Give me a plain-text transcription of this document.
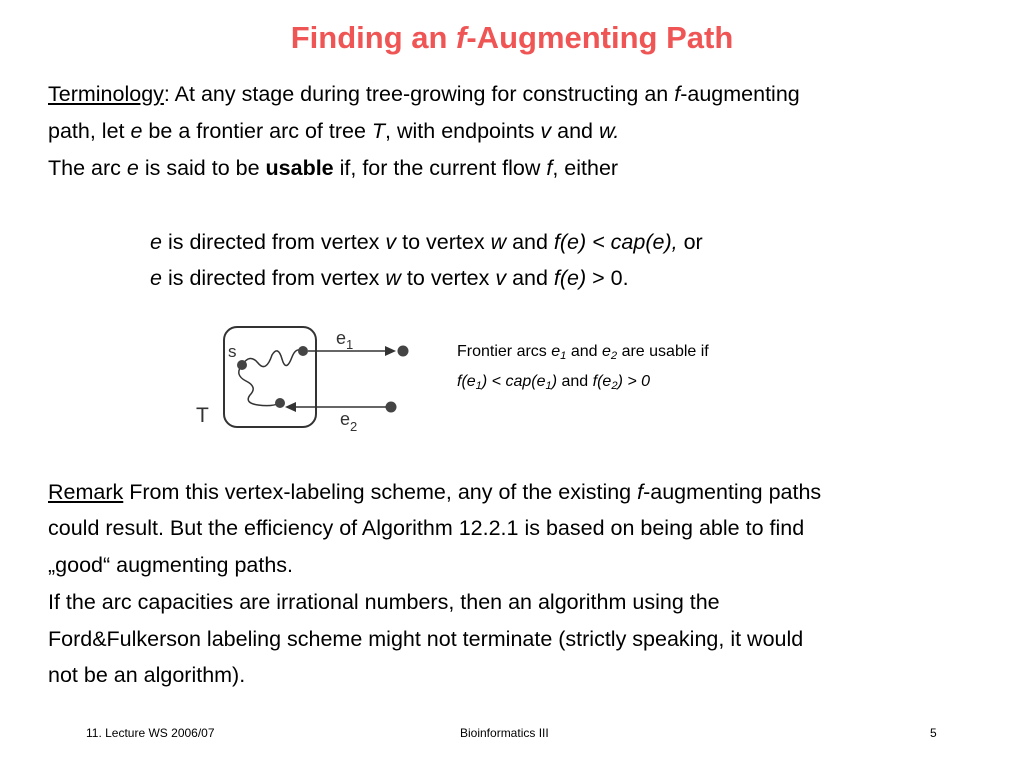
Finding an f-Augmenting Path
Terminology: At any stage during tree-growing for constructing an f-augmenting
path, let e be a frontier arc of tree T, with endpoints v and w.
The arc e is said to be usable if, for the current flow f, either
e is directed from vertex v to vertex w and f(e) < cap(e), or
e is directed from vertex w to vertex v and f(e) > 0.
s
T
$e_1$
$e_2$
Frontier arcs $e_1$ and $e_2$ are usable if
$f(e_1) < cap(e_1)$ and $f(e_2) > 0$
Remark From this vertex-labeling scheme, any of the existing f-augmenting paths
could result. But the efficiency of Algorithm 12.2.1 is based on being able to find
„good“ augmenting paths.
If the arc capacities are irrational numbers, then an algorithm using the
Ford&Fulkerson labeling scheme might not terminate (strictly speaking, it would
not be an algorithm).
11. Lecture WS 2006/07	Bioinformatics III	5
